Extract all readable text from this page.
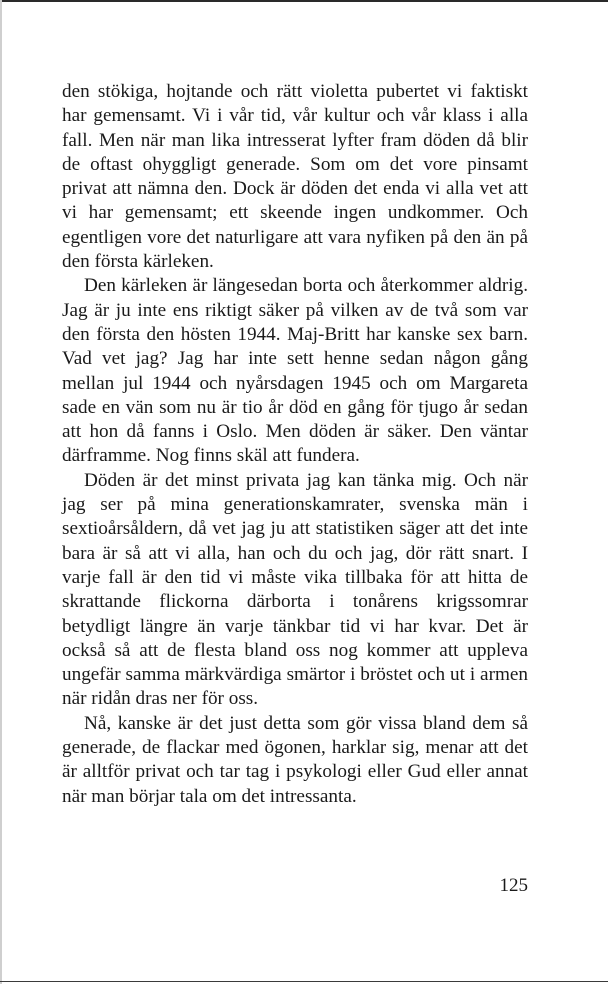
den stökiga, hojtande och rätt violetta pubertet vi faktiskt har gemensamt. Vi i vår tid, vår kultur och vår klass i alla fall. Men när man lika intresserat lyfter fram döden då blir de oftast ohyggligt generade. Som om det vore pinsamt privat att nämna den. Dock är döden det enda vi alla vet att vi har gemensamt; ett skeende ingen undkommer. Och egentligen vore det naturligare att vara nyfiken på den än på den första kärleken.

Den kärleken är längesedan borta och återkommer aldrig. Jag är ju inte ens riktigt säker på vilken av de två som var den första den hösten 1944. Maj-Britt har kanske sex barn. Vad vet jag? Jag har inte sett henne sedan någon gång mellan jul 1944 och nyårsdagen 1945 och om Margareta sade en vän som nu är tio år död en gång för tjugo år sedan att hon då fanns i Oslo. Men döden är säker. Den väntar därframme. Nog finns skäl att fundera.

Döden är det minst privata jag kan tänka mig. Och när jag ser på mina generationskamrater, svenska män i sextioårsåldern, då vet jag ju att statistiken säger att det inte bara är så att vi alla, han och du och jag, dör rätt snart. I varje fall är den tid vi måste vika tillbaka för att hitta de skrattande flickorna därborta i tonårens krigssomrar betydligt längre än varje tänkbar tid vi har kvar. Det är också så att de flesta bland oss nog kommer att uppleva ungefär samma märkvärdiga smärtor i bröstet och ut i armen när ridån dras ner för oss.

Nå, kanske är det just detta som gör vissa bland dem så generade, de flackar med ögonen, harklar sig, menar att det är alltför privat och tar tag i psykologi eller Gud eller annat när man börjar tala om det intressanta.

125
